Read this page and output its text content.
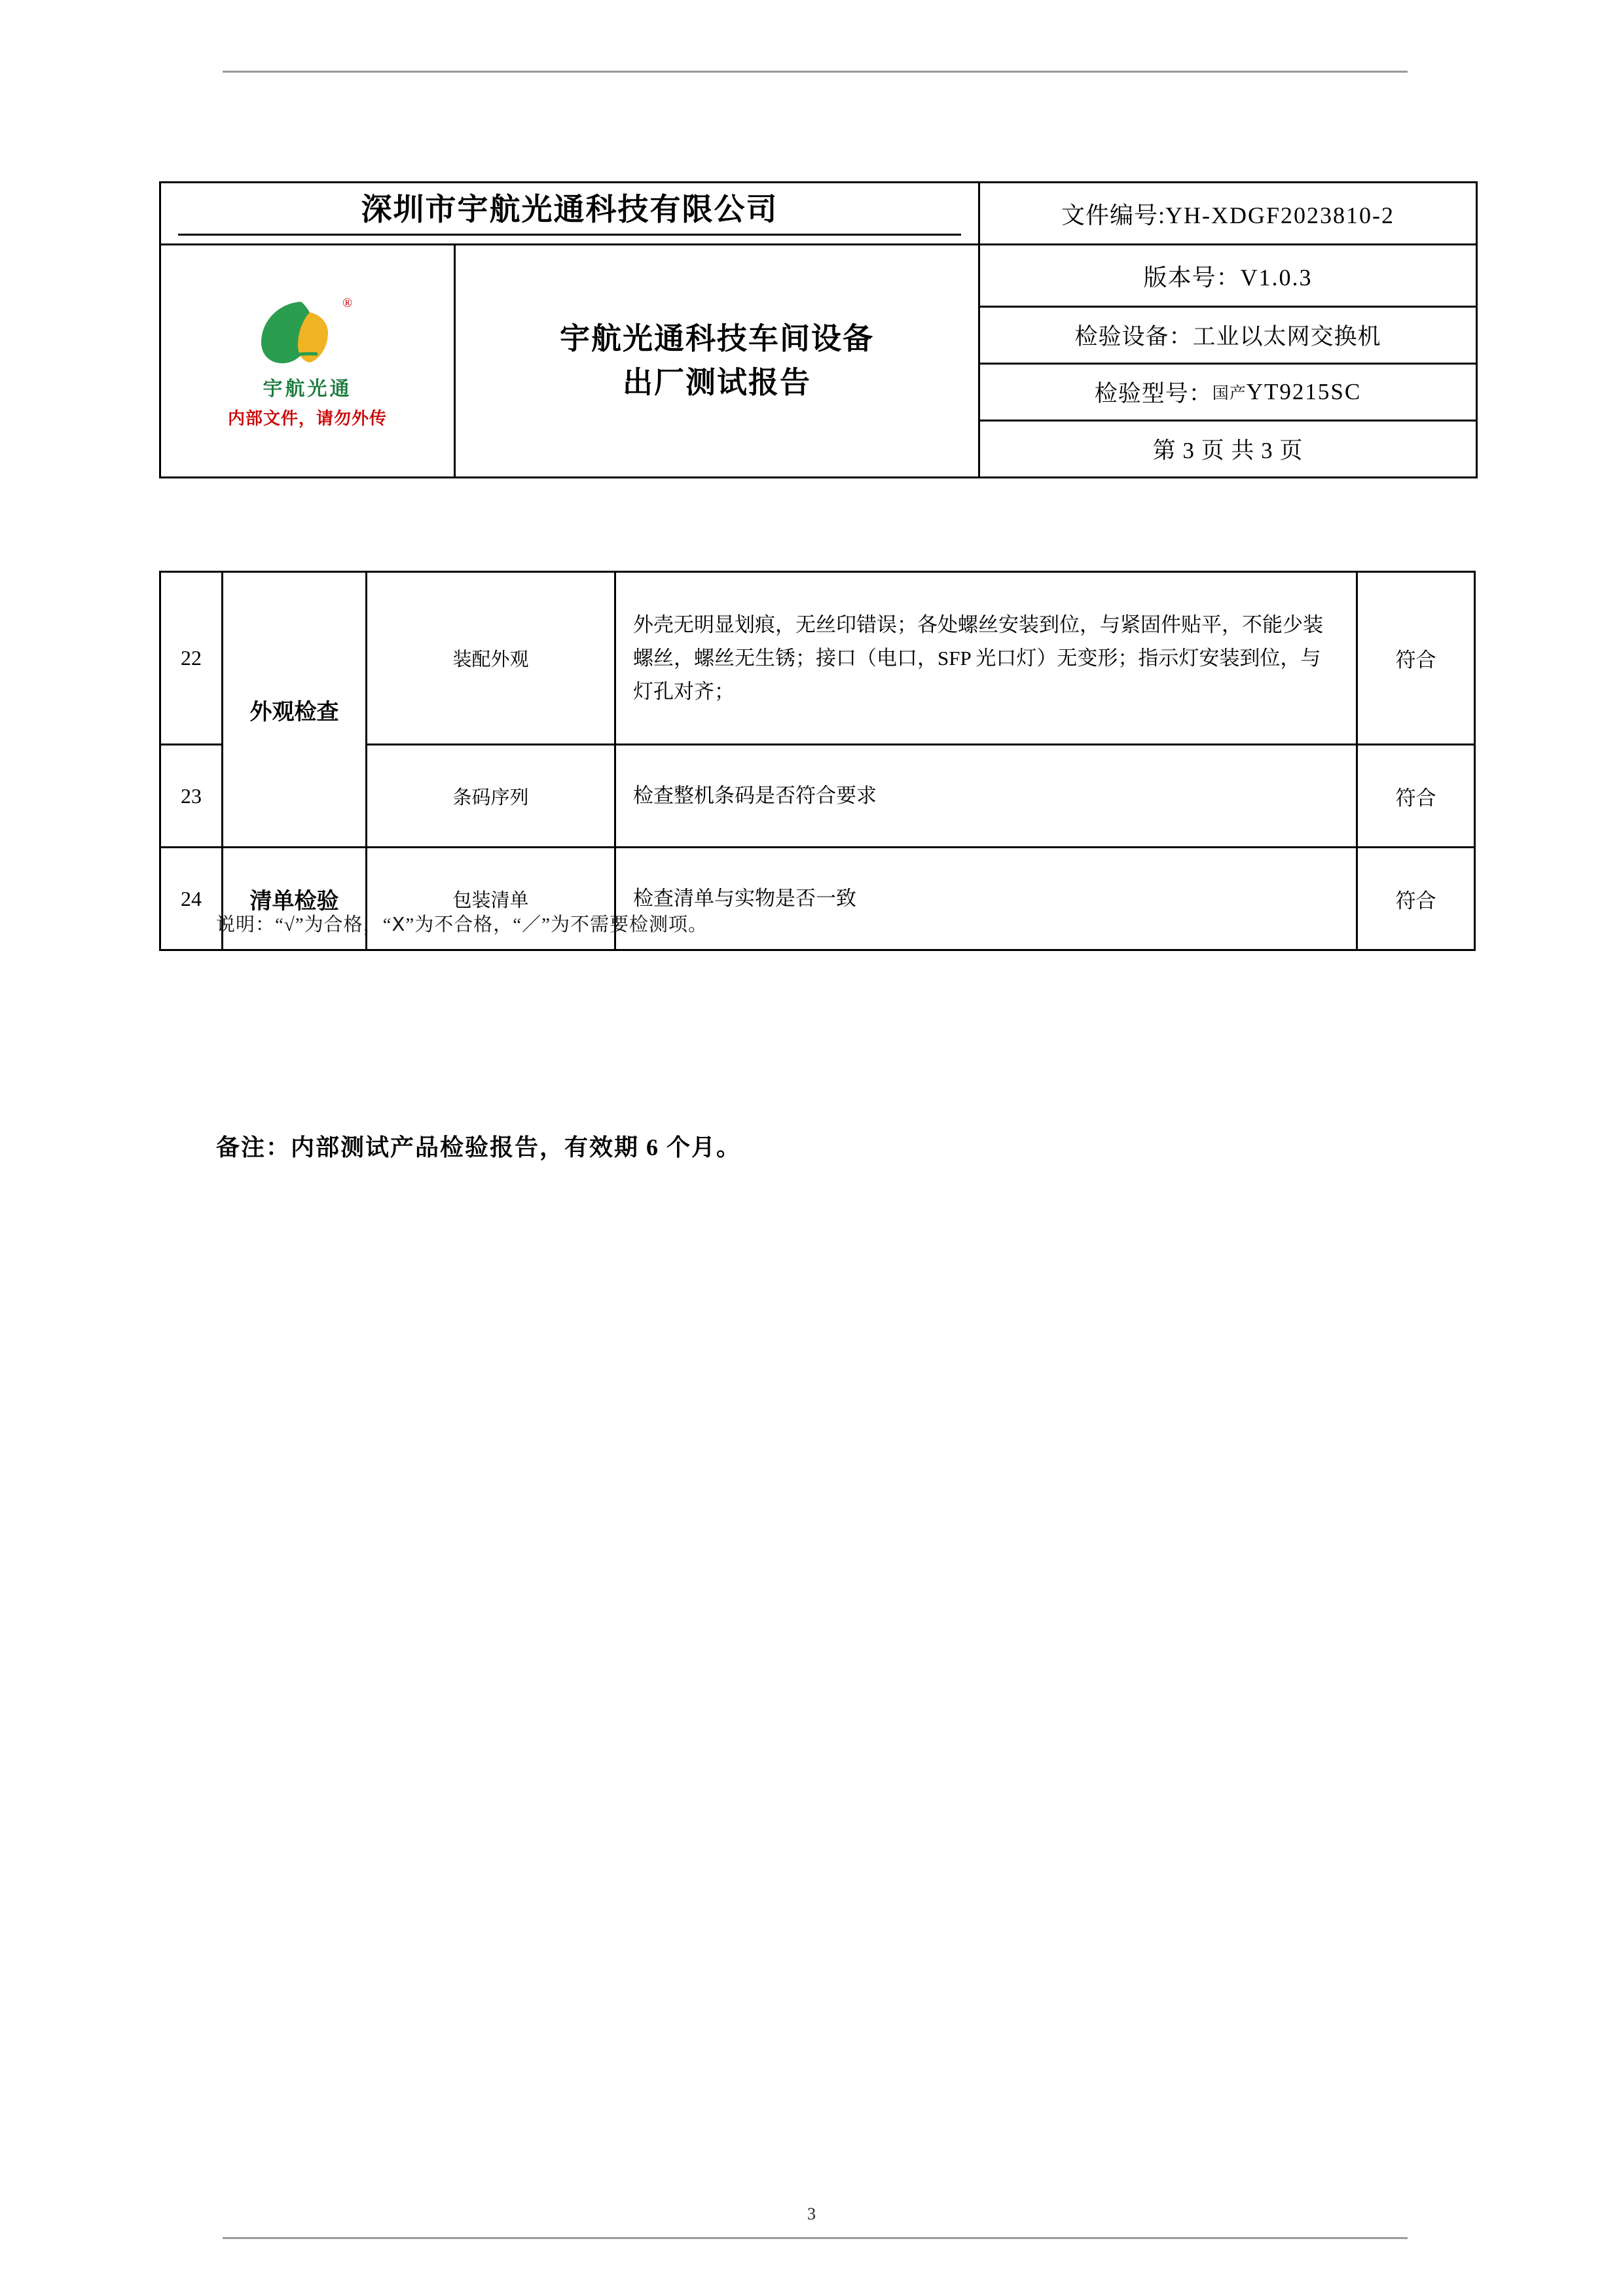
深圳市宇航光通科技有限公司		文件编号:YH-XDGF2023810-2

®
宇航光通
内部文件，请勿外传

宇航光通科技车间设备
出厂测试报告
	版本号：V1.0.3
		检验设备：工业以太网交换机

		检验型号： 国产 YT9215SC
第 3 页 共 3 页
22	外观检查	装配外观	外壳无明显划痕，无丝印错误；各处螺丝安装到位，与紧固件贴平，不能少装螺丝，螺丝无生锈；接口（电口，SFP 光口灯）无变形；指示灯安装到位，与灯孔对齐；	符合
23		条码序列	检查整机条码是否符合要求	符合
24	清单检验	包装清单	检查清单与实物是否一致	符合
说明：“√”为合格，“Ⅹ”为不合格，“／”为不需要检测项。
备注：内部测试产品检验报告，有效期 6 个月。
3
